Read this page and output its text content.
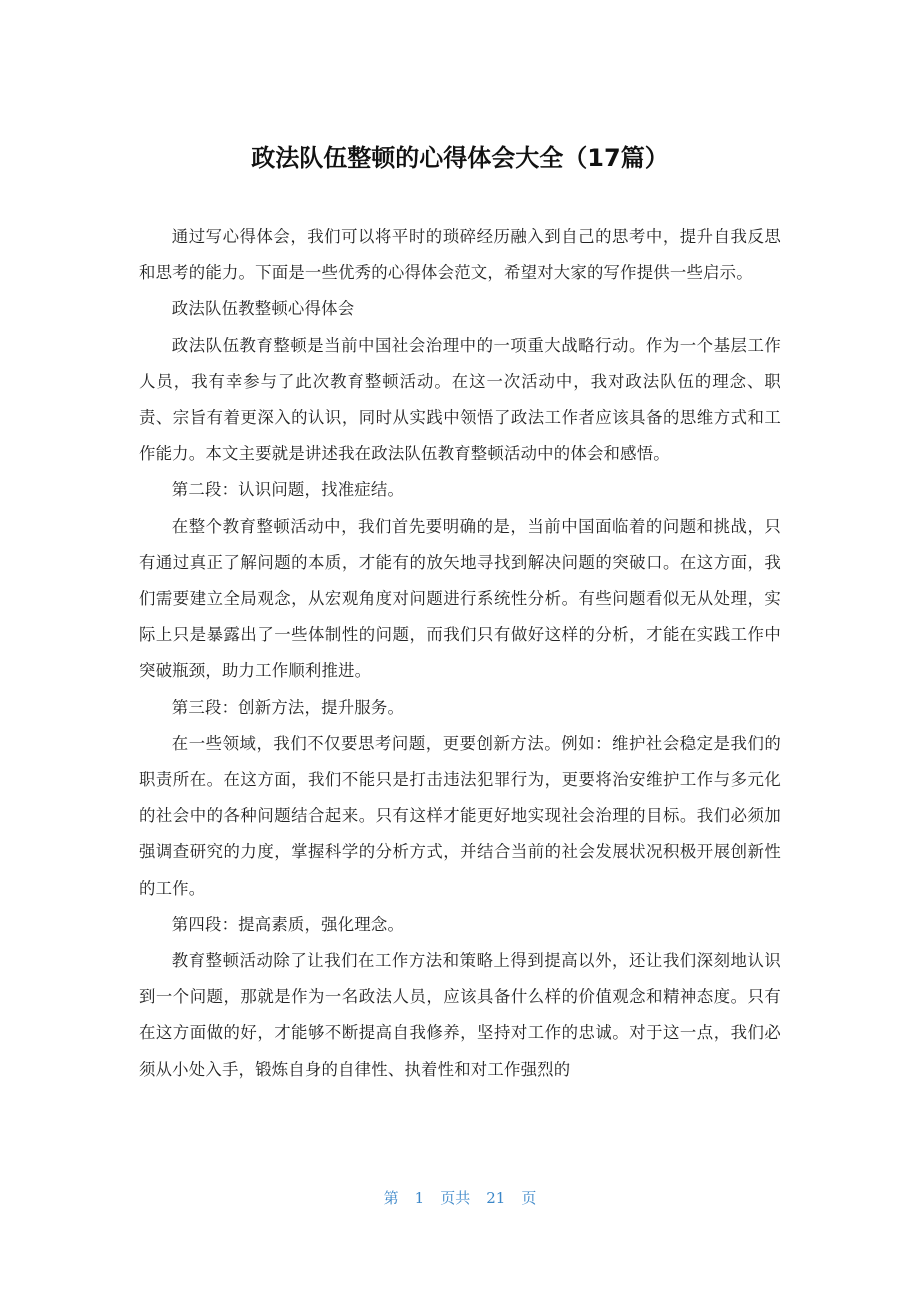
政法队伍整顿的心得体会大全（17篇）

通过写心得体会，我们可以将平时的琐碎经历融入到自己的思考中，提升自我反思和思考的能力。下面是一些优秀的心得体会范文，希望对大家的写作提供一些启示。

政法队伍教整顿心得体会

政法队伍教育整顿是当前中国社会治理中的一项重大战略行动。作为一个基层工作人员，我有幸参与了此次教育整顿活动。在这一次活动中，我对政法队伍的理念、职责、宗旨有着更深入的认识，同时从实践中领悟了政法工作者应该具备的思维方式和工作能力。本文主要就是讲述我在政法队伍教育整顿活动中的体会和感悟。

第二段：认识问题，找准症结。

在整个教育整顿活动中，我们首先要明确的是，当前中国面临着的问题和挑战，只有通过真正了解问题的本质，才能有的放矢地寻找到解决问题的突破口。在这方面，我们需要建立全局观念，从宏观角度对问题进行系统性分析。有些问题看似无从处理，实际上只是暴露出了一些体制性的问题，而我们只有做好这样的分析，才能在实践工作中突破瓶颈，助力工作顺利推进。

第三段：创新方法，提升服务。

在一些领域，我们不仅要思考问题，更要创新方法。例如：维护社会稳定是我们的职责所在。在这方面，我们不能只是打击违法犯罪行为，更要将治安维护工作与多元化的社会中的各种问题结合起来。只有这样才能更好地实现社会治理的目标。我们必须加强调查研究的力度，掌握科学的分析方式，并结合当前的社会发展状况积极开展创新性的工作。

第四段：提高素质，强化理念。

教育整顿活动除了让我们在工作方法和策略上得到提高以外，还让我们深刻地认识到一个问题，那就是作为一名政法人员，应该具备什么样的价值观念和精神态度。只有在这方面做的好，才能够不断提高自我修养，坚持对工作的忠诚。对于这一点，我们必须从小处入手，锻炼自身的自律性、执着性和对工作强烈的

第 1 页共 21 页
